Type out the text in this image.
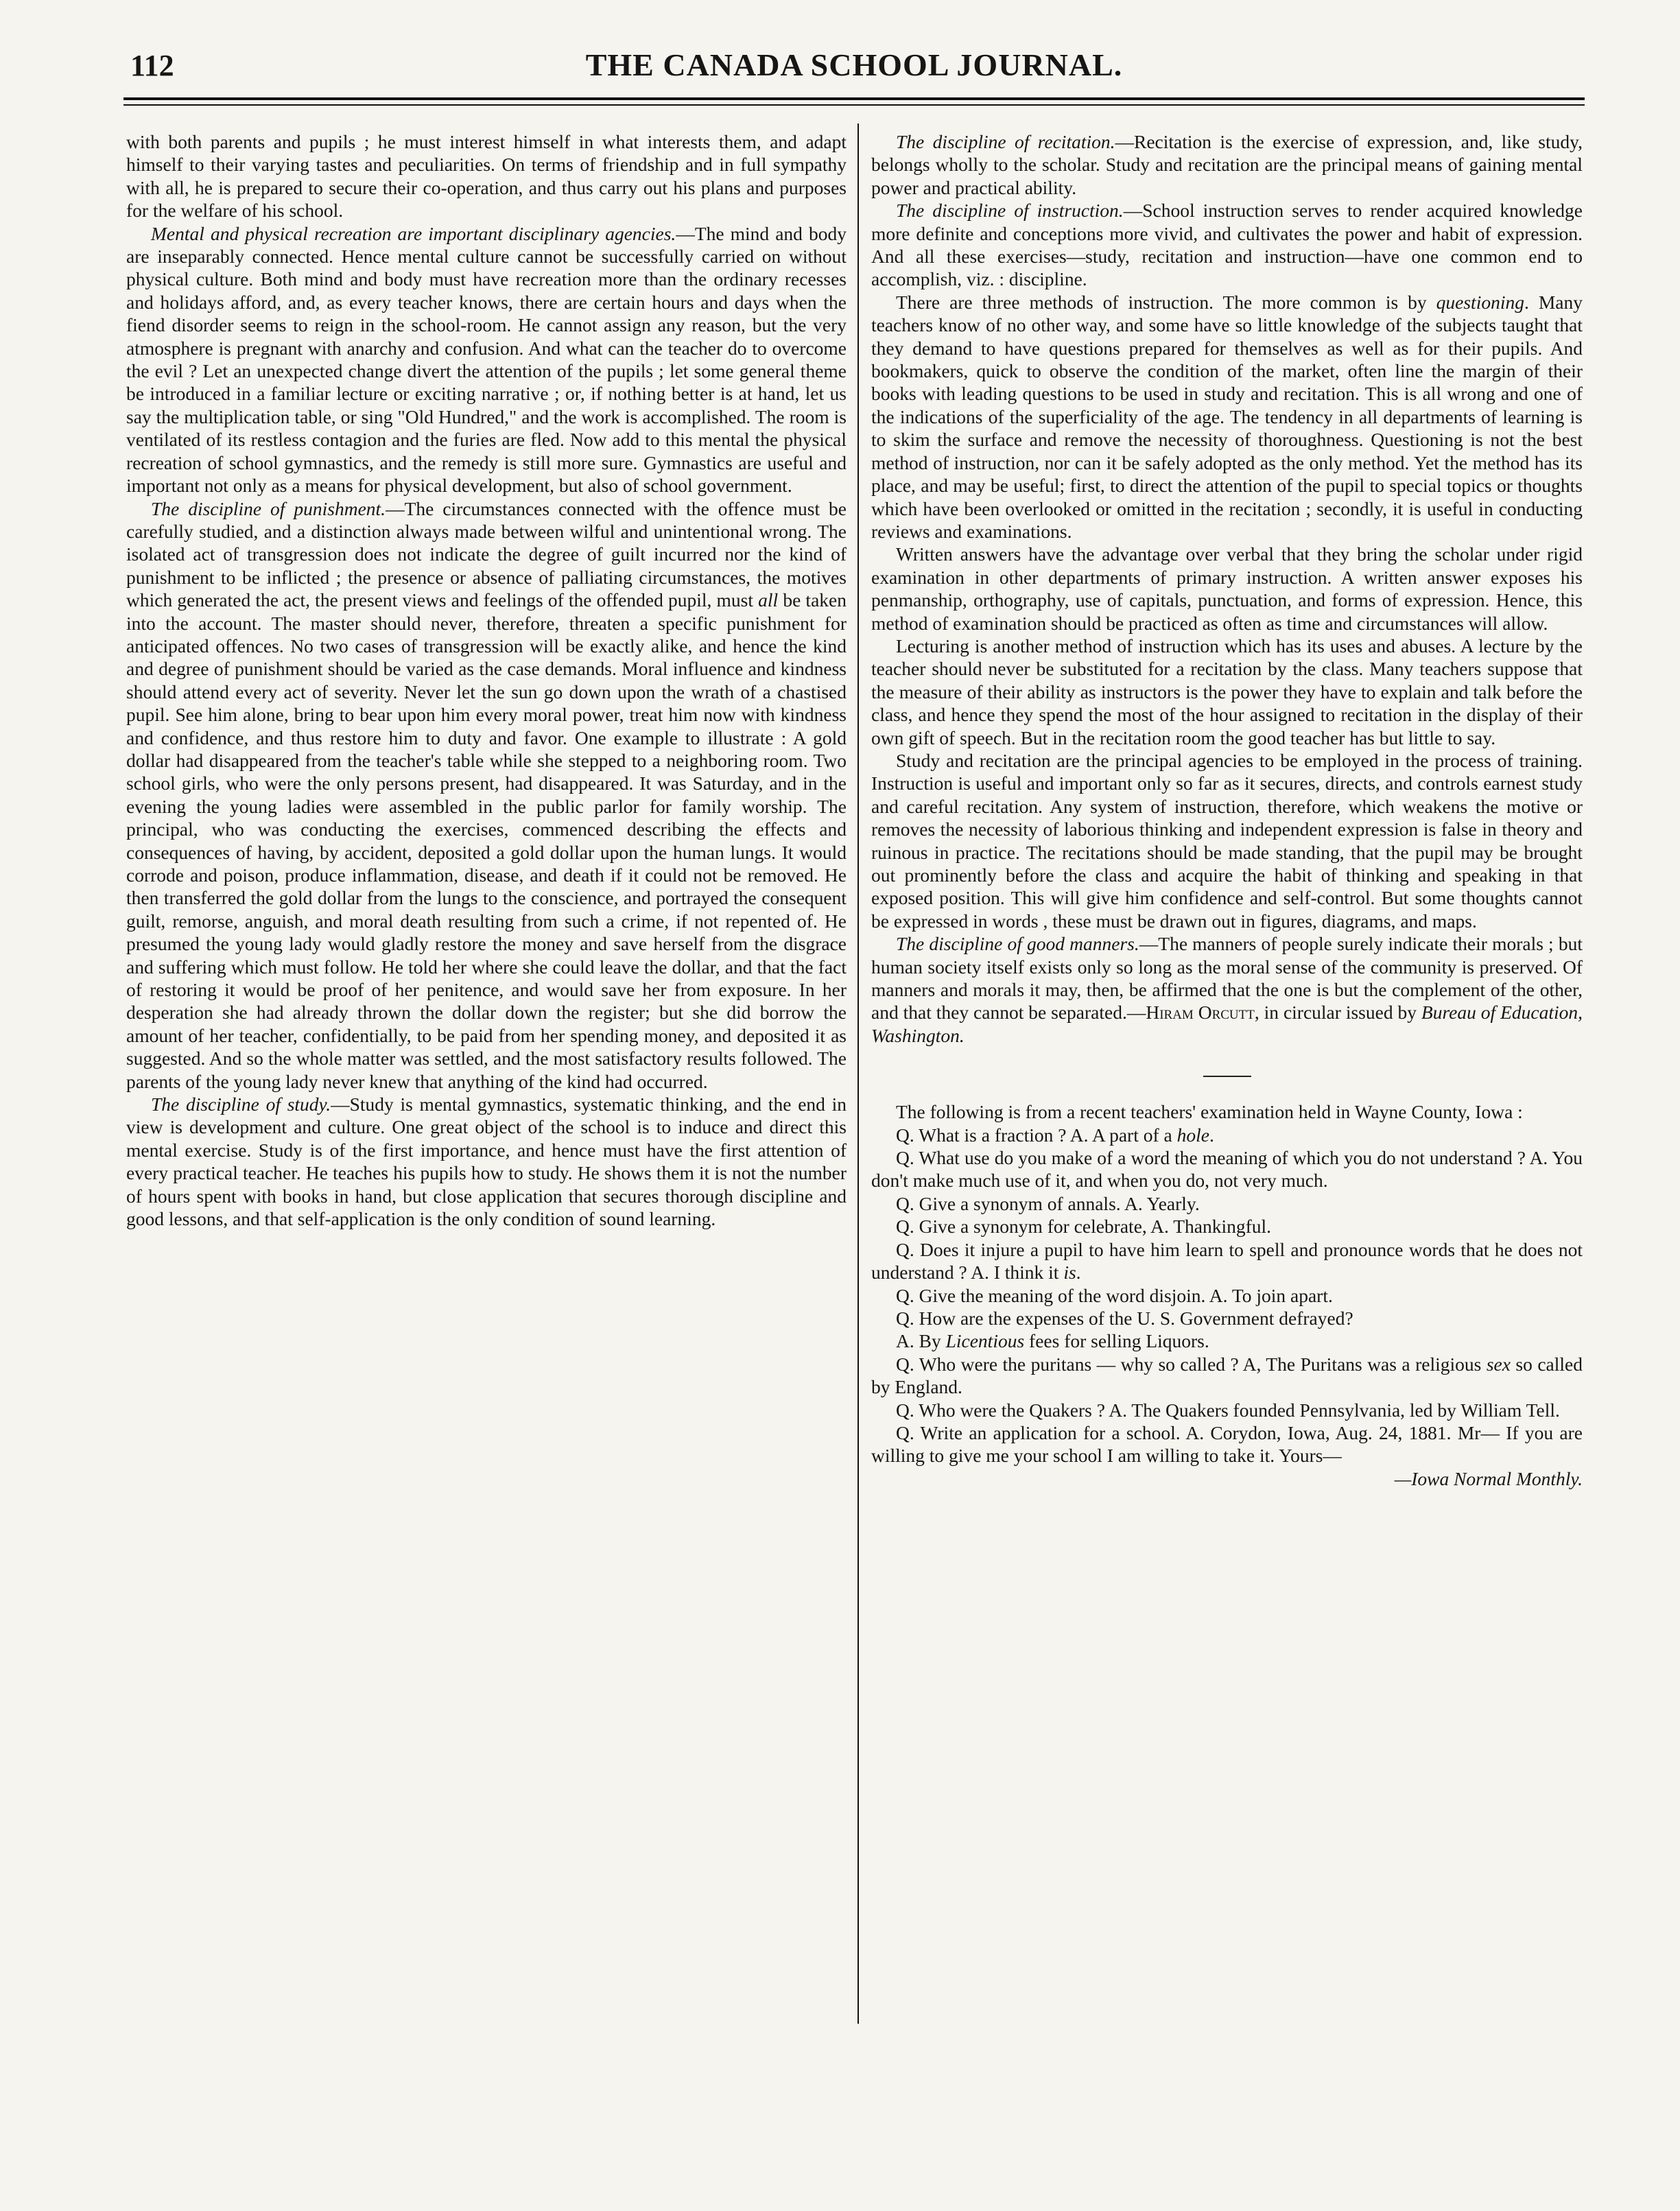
112	THE CANADA SCHOOL JOURNAL.

with both parents and pupils ; he must interest himself in what interests them, and adapt himself to their varying tastes and peculiarities. On terms of friendship and in full sympathy with all, he is prepared to secure their co-operation, and thus carry out his plans and purposes for the welfare of his school.

Mental and physical recreation are important disciplinary agencies.—The mind and body are inseparably connected. Hence mental culture cannot be successfully carried on without physical culture. Both mind and body must have recreation more than the ordinary recesses and holidays afford, and, as every teacher knows, there are certain hours and days when the fiend disorder seems to reign in the school-room. He cannot assign any reason, but the very atmosphere is pregnant with anarchy and confusion. And what can the teacher do to overcome the evil ? Let an unexpected change divert the attention of the pupils ; let some general theme be introduced in a familiar lecture or exciting narrative ; or, if nothing better is at hand, let us say the multiplication table, or sing "Old Hundred," and the work is accomplished. The room is ventilated of its restless contagion and the furies are fled. Now add to this mental the physical recreation of school gymnastics, and the remedy is still more sure. Gymnastics are useful and important not only as a means for physical development, but also of school government.

The discipline of punishment.—The circumstances connected with the offence must be carefully studied, and a distinction always made between wilful and unintentional wrong. The isolated act of transgression does not indicate the degree of guilt incurred nor the kind of punishment to be inflicted ; the presence or absence of palliating circumstances, the motives which generated the act, the present views and feelings of the offended pupil, must all be taken into the account. The master should never, therefore, threaten a specific punishment for anticipated offences. No two cases of transgression will be exactly alike, and hence the kind and degree of punishment should be varied as the case demands. Moral influence and kindness should attend every act of severity. Never let the sun go down upon the wrath of a chastised pupil. See him alone, bring to bear upon him every moral power, treat him now with kindness and confidence, and thus restore him to duty and favor. One example to illustrate : A gold dollar had disappeared from the teacher's table while she stepped to a neighboring room. Two school girls, who were the only persons present, had disappeared. It was Saturday, and in the evening the young ladies were assembled in the public parlor for family worship. The principal, who was conducting the exercises, commenced describing the effects and consequences of having, by accident, deposited a gold dollar upon the human lungs. It would corrode and poison, produce inflammation, disease, and death if it could not be removed. He then transferred the gold dollar from the lungs to the conscience, and portrayed the consequent guilt, remorse, anguish, and moral death resulting from such a crime, if not repented of. He presumed the young lady would gladly restore the money and save herself from the disgrace and suffering which must follow. He told her where she could leave the dollar, and that the fact of restoring it would be proof of her penitence, and would save her from exposure. In her desperation she had already thrown the dollar down the register; but she did borrow the amount of her teacher, confidentially, to be paid from her spending money, and deposited it as suggested. And so the whole matter was settled, and the most satisfactory results followed. The parents of the young lady never knew that anything of the kind had occurred.

The discipline of study.—Study is mental gymnastics, systematic thinking, and the end in view is development and culture. One great object of the school is to induce and direct this mental exercise. Study is of the first importance, and hence must have the first attention of every practical teacher. He teaches his pupils how to study. He shows them it is not the number of hours spent with books in hand, but close application that secures thorough discipline and good lessons, and that self-application is the only condition of sound learning.

The discipline of recitation.—Recitation is the exercise of expression, and, like study, belongs wholly to the scholar. Study and recitation are the principal means of gaining mental power and practical ability.

The discipline of instruction.—School instruction serves to render acquired knowledge more definite and conceptions more vivid, and cultivates the power and habit of expression. And all these exercises—study, recitation and instruction—have one common end to accomplish, viz. : discipline.

There are three methods of instruction. The more common is by questioning. Many teachers know of no other way, and some have so little knowledge of the subjects taught that they demand to have questions prepared for themselves as well as for their pupils. And bookmakers, quick to observe the condition of the market, often line the margin of their books with leading questions to be used in study and recitation. This is all wrong and one of the indications of the superficiality of the age. The tendency in all departments of learning is to skim the surface and remove the necessity of thoroughness. Questioning is not the best method of instruction, nor can it be safely adopted as the only method. Yet the method has its place, and may be useful; first, to direct the attention of the pupil to special topics or thoughts which have been overlooked or omitted in the recitation ; secondly, it is useful in conducting reviews and examinations.

Written answers have the advantage over verbal that they bring the scholar under rigid examination in other departments of primary instruction. A written answer exposes his penmanship, orthography, use of capitals, punctuation, and forms of expression. Hence, this method of examination should be practiced as often as time and circumstances will allow.

Lecturing is another method of instruction which has its uses and abuses. A lecture by the teacher should never be substituted for a recitation by the class. Many teachers suppose that the measure of their ability as instructors is the power they have to explain and talk before the class, and hence they spend the most of the hour assigned to recitation in the display of their own gift of speech. But in the recitation room the good teacher has but little to say.

Study and recitation are the principal agencies to be employed in the process of training. Instruction is useful and important only so far as it secures, directs, and controls earnest study and careful recitation. Any system of instruction, therefore, which weakens the motive or removes the necessity of laborious thinking and independent expression is false in theory and ruinous in practice. The recitations should be made standing, that the pupil may be brought out prominently before the class and acquire the habit of thinking and speaking in that exposed position. This will give him confidence and self-control. But some thoughts cannot be expressed in words , these must be drawn out in figures, diagrams, and maps.

The discipline of good manners.—The manners of people surely indicate their morals ; but human society itself exists only so long as the moral sense of the community is preserved. Of manners and morals it may, then, be affirmed that the one is but the complement of the other, and that they cannot be separated.—Hiram Orcutt, in circular issued by Bureau of Education, Washington.

The following is from a recent teachers' examination held in Wayne County, Iowa :

Q. What is a fraction ? A. A part of a hole.

Q. What use do you make of a word the meaning of which you do not understand ? A. You don't make much use of it, and when you do, not very much.

Q. Give a synonym of annals. A. Yearly.

Q. Give a synonym for celebrate, A. Thankingful.

Q. Does it injure a pupil to have him learn to spell and pronounce words that he does not understand ? A. I think it is.

Q. Give the meaning of the word disjoin. A. To join apart.

Q. How are the expenses of the U. S. Government defrayed?

A. By Licentious fees for selling Liquors.

Q. Who were the puritans — why so called ? A, The Puritans was a religious sex so called by England.

Q. Who were the Quakers ? A. The Quakers founded Pennsylvania, led by William Tell.

Q. Write an application for a school. A. Corydon, Iowa, Aug. 24, 1881. Mr— If you are willing to give me your school I am willing to take it. Yours—

—Iowa Normal Monthly.
